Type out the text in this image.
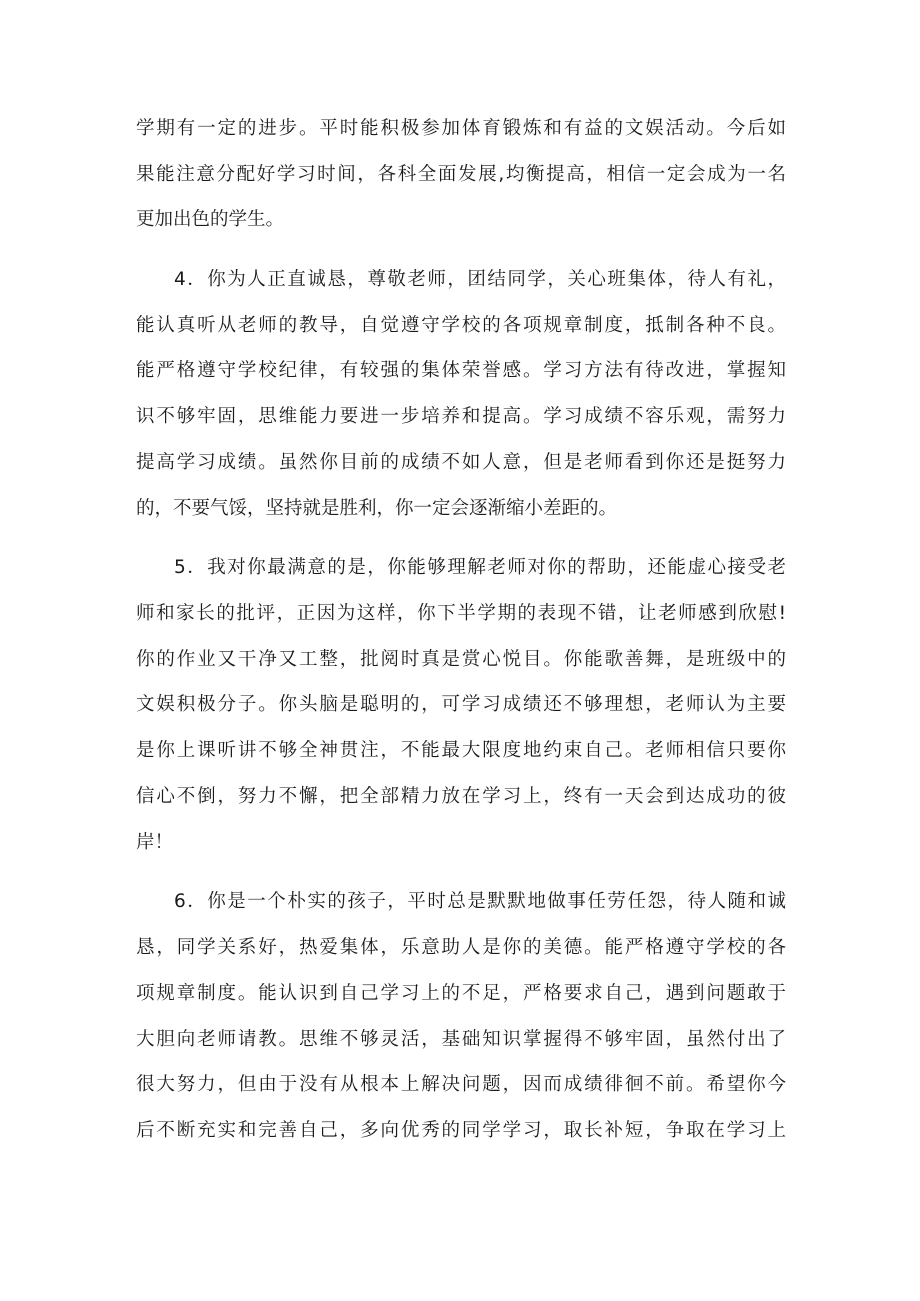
学期有一定的进步。平时能积极参加体育锻炼和有益的文娱活动。今后如
果能注意分配好学习时间，各科全面发展,均衡提高，相信一定会成为一名
更加出色的学生。
4．你为人正直诚恳，尊敬老师，团结同学，关心班集体，待人有礼，
能认真听从老师的教导，自觉遵守学校的各项规章制度，抵制各种不良。
能严格遵守学校纪律，有较强的集体荣誉感。学习方法有待改进，掌握知
识不够牢固，思维能力要进一步培养和提高。学习成绩不容乐观，需努力
提高学习成绩。虽然你目前的成绩不如人意，但是老师看到你还是挺努力
的，不要气馁，坚持就是胜利，你一定会逐渐缩小差距的。
5．我对你最满意的是，你能够理解老师对你的帮助，还能虚心接受老
师和家长的批评，正因为这样，你下半学期的表现不错，让老师感到欣慰!
你的作业又干净又工整，批阅时真是赏心悦目。你能歌善舞，是班级中的
文娱积极分子。你头脑是聪明的，可学习成绩还不够理想，老师认为主要
是你上课听讲不够全神贯注，不能最大限度地约束自己。老师相信只要你
信心不倒，努力不懈，把全部精力放在学习上，终有一天会到达成功的彼
岸！
6．你是一个朴实的孩子，平时总是默默地做事任劳任怨，待人随和诚
恳，同学关系好，热爱集体，乐意助人是你的美德。能严格遵守学校的各
项规章制度。能认识到自己学习上的不足，严格要求自己，遇到问题敢于
大胆向老师请教。思维不够灵活，基础知识掌握得不够牢固，虽然付出了
很大努力，但由于没有从根本上解决问题，因而成绩徘徊不前。希望你今
后不断充实和完善自己，多向优秀的同学学习，取长补短，争取在学习上
